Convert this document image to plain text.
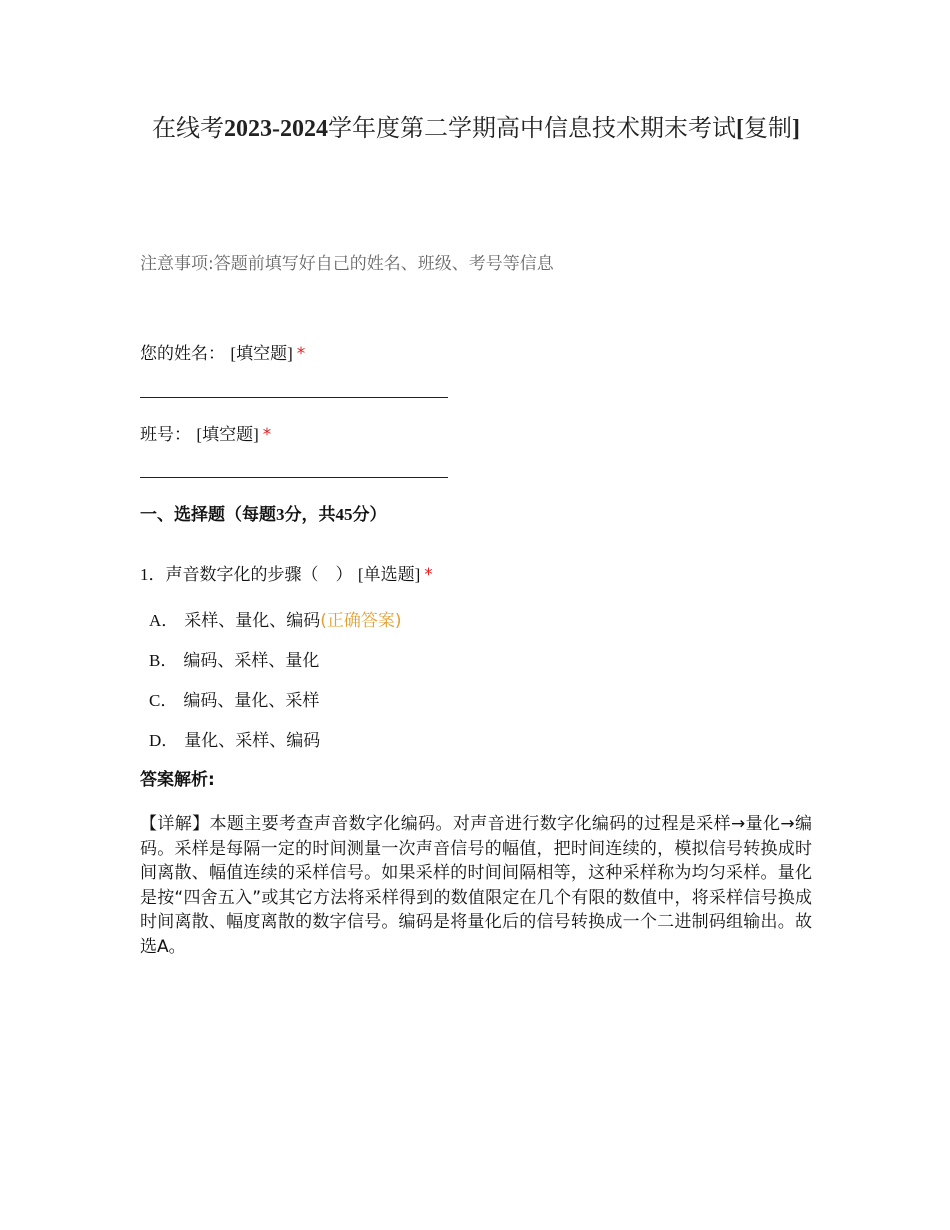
在线考2023-2024学年度第二学期高中信息技术期末考试[复制]
注意事项:答题前填写好自己的姓名、班级、考号等信息
您的姓名： [填空题] *
班号： [填空题] *
一、选择题（每题3分，共45分）
1．声音数字化的步骤（　） [单选题] *
A． 采样、量化、编码(正确答案)
B． 编码、采样、量化
C． 编码、量化、采样
D． 量化、采样、编码
答案解析:
【详解】本题主要考查声音数字化编码。对声音进行数字化编码的过程是采样→量化→编码。采样是每隔一定的时间测量一次声音信号的幅值，把时间连续的，模拟信号转换成时间离散、幅值连续的采样信号。如果采样的时间间隔相等，这种采样称为均匀采样。量化是按“四舍五入”或其它方法将采样得到的数值限定在几个有限的数值中，将采样信号换成时间离散、幅度离散的数字信号。编码是将量化后的信号转换成一个二进制码组输出。故选A。
